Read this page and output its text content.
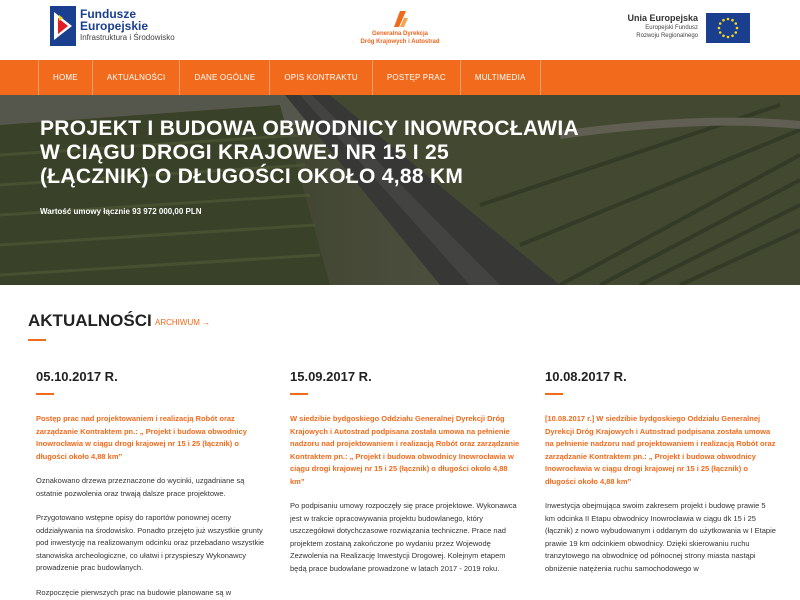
Fundusze
Europejskie
Infrastruktura i Środowisko	Generalna Dyrekcja
Dróg Krajowych i Autostrad
Unia Europejska
Europejski Fundusz
Rozwoju Regionalnego
HOME	AKTUALNOŚCI	DANE OGÓLNE	OPIS KONTRAKTU	POSTĘP PRAC	MULTIMEDIA
PROJEKT I BUDOWA OBWODNICY INOWROCŁAWIA
W CIĄGU DROGI KRAJOWEJ NR 15 I 25
(ŁĄCZNIK) O DŁUGOŚCI OKOŁO 4,88 KM
Wartość umowy łącznie 93 972 000,00 PLN
AKTUALNOŚCI ARCHIWUM →
05.10.2017 R.
Postęp prac nad projektowaniem i realizacją Robót oraz zarządzanie Kontraktem pn.: „ Projekt i budowa obwodnicy Inowrocławia w ciągu drogi krajowej nr 15 i 25 (łącznik) o długości około 4,88 km”
Oznakowano drzewa przeznaczone do wycinki, uzgadniane są ostatnie pozwolenia oraz trwają dalsze prace projektowe.
Przygotowano wstępne opisy do raportów ponownej oceny oddziaływania na środowisko. Ponadto przejęto już wszystkie grunty pod inwestycję na realizowanym odcinku oraz przebadano wszystkie stanowiska archeologiczne, co ułatwi i przyspieszy Wykonawcy prowadzenie prac budowlanych.
Rozpoczęcie pierwszych prac na budowie planowane są w
15.09.2017 R.
W siedzibie bydgoskiego Oddziału Generalnej Dyrekcji Dróg Krajowych i Autostrad podpisana została umowa na pełnienie nadzoru nad projektowaniem i realizacją Robót oraz zarządzanie Kontraktem pn.: „ Projekt i budowa obwodnicy Inowrocławia w ciągu drogi krajowej nr 15 i 25 (łącznik) o długości około 4,88 km”
Po podpisaniu umowy rozpoczęły się prace projektowe. Wykonawca jest w trakcie opracowywania projektu budowlanego, który uszczegółowi dotychczasowe rozwiązania techniczne. Prace nad projektem zostaną zakończone po wydaniu przez Wojewodę Zezwolenia na Realizację Inwestycji Drogowej. Kolejnym etapem będą prace budowlane prowadzone w latach 2017 - 2019 roku.
10.08.2017 R.
[10.08.2017 r.] W siedzibie bydgoskiego Oddziału Generalnej Dyrekcji Dróg Krajowych i Autostrad podpisana została umowa na pełnienie nadzoru nad projektowaniem i realizacją Robót oraz zarządzanie Kontraktem pn.: „ Projekt i budowa obwodnicy Inowrocławia w ciągu drogi krajowej nr 15 i 25 (łącznik) o długości około 4,88 km”
Inwestycja obejmująca swoim zakresem projekt i budowę prawie 5 km odcinka II Etapu obwodnicy Inowrocławia w ciągu dk 15 i 25 (łącznik) z nowo wybudowanym i oddanym do użytkowania w I Etapie prawie 19 km odcinkiem obwodnicy. Dzięki skierowaniu ruchu tranzytowego na obwodnicę od północnej strony miasta nastąpi obniżenie natężenia ruchu samochodowego w
